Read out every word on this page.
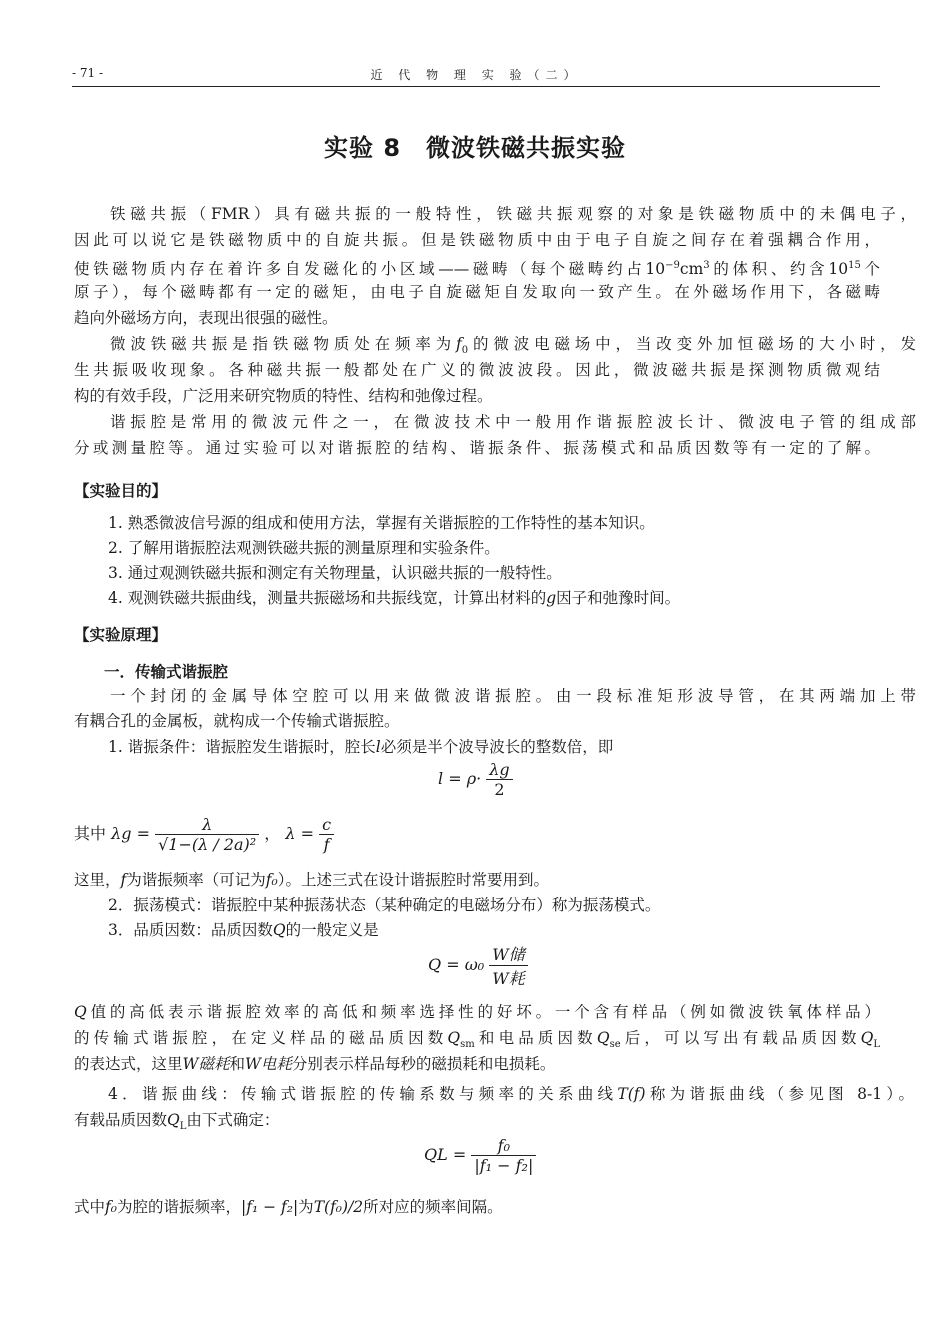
- 71 -	近 代 物 理 实 验（二）
实验 8　微波铁磁共振实验
铁磁共振（FMR）具有磁共振的一般特性，铁磁共振观察的对象是铁磁物质中的未偶电子，
因此可以说它是铁磁物质中的自旋共振。但是铁磁物质中由于电子自旋之间存在着强耦合作用，
使铁磁物质内存在着许多自发磁化的小区域——磁畴（每个磁畴约占$10^{-9}cm^3$的体积、约含$10^{15}$个
原子），每个磁畴都有一定的磁矩，由电子自旋磁矩自发取向一致产生。在外磁场作用下，各磁畴
趋向外磁场方向，表现出很强的磁性。
微波铁磁共振是指铁磁物质处在频率为$f_0$的微波电磁场中，当改变外加恒磁场的大小时，发
生共振吸收现象。各种磁共振一般都处在广义的微波波段。因此，微波磁共振是探测物质微观结
构的有效手段，广泛用来研究物质的特性、结构和弛像过程。
谐振腔是常用的微波元件之一，在微波技术中一般用作谐振腔波长计、微波电子管的组成部
分或测量腔等。通过实验可以对谐振腔的结构、谐振条件、振荡模式和品质因数等有一定的了解。
【实验目的】
1. 熟悉微波信号源的组成和使用方法，掌握有关谐振腔的工作特性的基本知识。
2. 了解用谐振腔法观测铁磁共振的测量原理和实验条件。
3. 通过观测铁磁共振和测定有关物理量，认识磁共振的一般特性。
4. 观测铁磁共振曲线，测量共振磁场和共振线宽，计算出材料的g因子和弛豫时间。
【实验原理】
一．传输式谐振腔
一个封闭的金属导体空腔可以用来做微波谐振腔。由一段标准矩形波导管，在其两端加上带
有耦合孔的金属板，就构成一个传输式谐振腔。
1. 谐振条件：谐振腔发生谐振时，腔长l必须是半个波导波长的整数倍，即
$l = \rho\cdot \frac{\lambda g}{2}$
其中 $\lambda g = \frac{\lambda}{\text{√1−(λ / 2a)²}}$ ， $\lambda = \frac{c}{f}$
这里，f为谐振频率（可记为f₀）。上述三式在设计谐振腔时常要用到。
2．振荡模式：谐振腔中某种振荡状态（某种确定的电磁场分布）称为振荡模式。
3．品质因数：品质因数Q的一般定义是
$Q = \omega_0 \frac{\text{W储}}{\text{W耗}}$
Q值的高低表示谐振腔效率的高低和频率选择性的好坏。一个含有样品（例如微波铁氧体样品）
的传输式谐振腔，在定义样品的磁品质因数$Q_{sm}$和电品质因数$Q_{se}$后，可以写出有载品质因数$Q_L$
的表达式，这里W磁耗和W电耗分别表示样品每秒的磁损耗和电损耗。
4．谐振曲线：传输式谐振腔的传输系数与频率的关系曲线T(f)称为谐振曲线（参见图 8-1）。
有载品质因数$Q_L$由下式确定：
QL = $\frac{\text{f₀}}{\text{|f₁ − f₂|}}$
式中f₀为腔的谐振频率，|f₁ − f₂|为T(f₀)/2所对应的频率间隔。
